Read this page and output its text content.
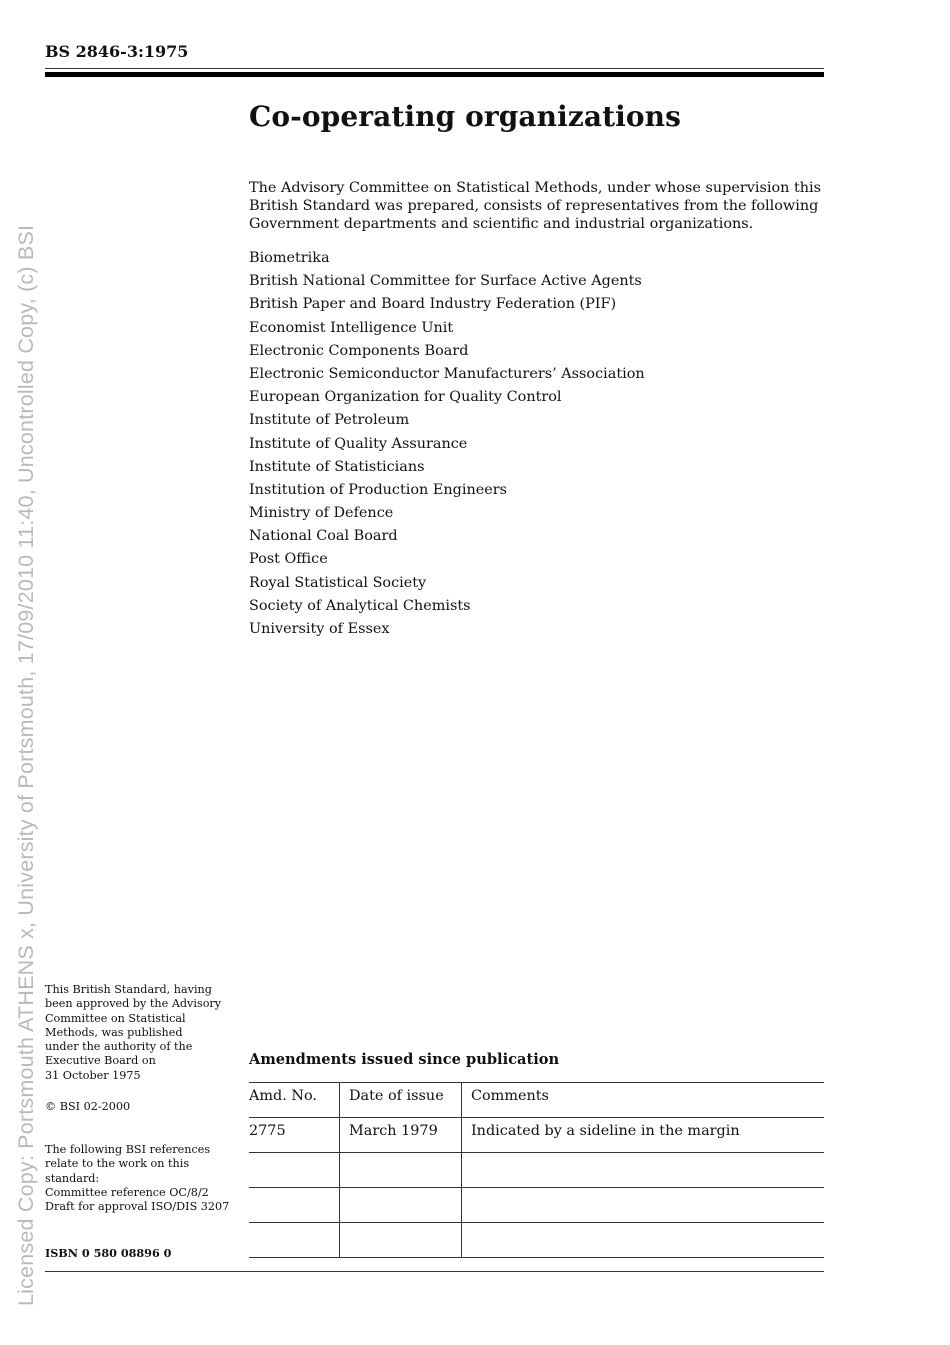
Licensed Copy: Portsmouth ATHENS x, University of Portsmouth, 17/09/2010 11:40, Uncontrolled Copy, (c) BSI
BS 2846-3:1975
Co-operating organizations

The Advisory Committee on Statistical Methods, under whose supervision this British Standard was prepared, consists of representatives from the following Government departments and scientific and industrial organizations.

Biometrika
British National Committee for Surface Active Agents
British Paper and Board Industry Federation (PIF)
Economist Intelligence Unit
Electronic Components Board
Electronic Semiconductor Manufacturers’ Association
European Organization for Quality Control
Institute of Petroleum
Institute of Quality Assurance
Institute of Statisticians
Institution of Production Engineers
Ministry of Defence
National Coal Board
Post Office
Royal Statistical Society
Society of Analytical Chemists
University of Essex
This British Standard, having
been approved by the Advisory
Committee on Statistical
Methods, was published
under the authority of the
Executive Board on
31 October 1975
© BSI 02-2000
The following BSI references
relate to the work on this
standard:
Committee reference OC/8/2
Draft for approval ISO/DIS 3207
ISBN 0 580 08896 0
Amendments issued since publication
Amd. No.	Date of issue	Comments
2775	March 1979	Indicated by a sideline in the margin
